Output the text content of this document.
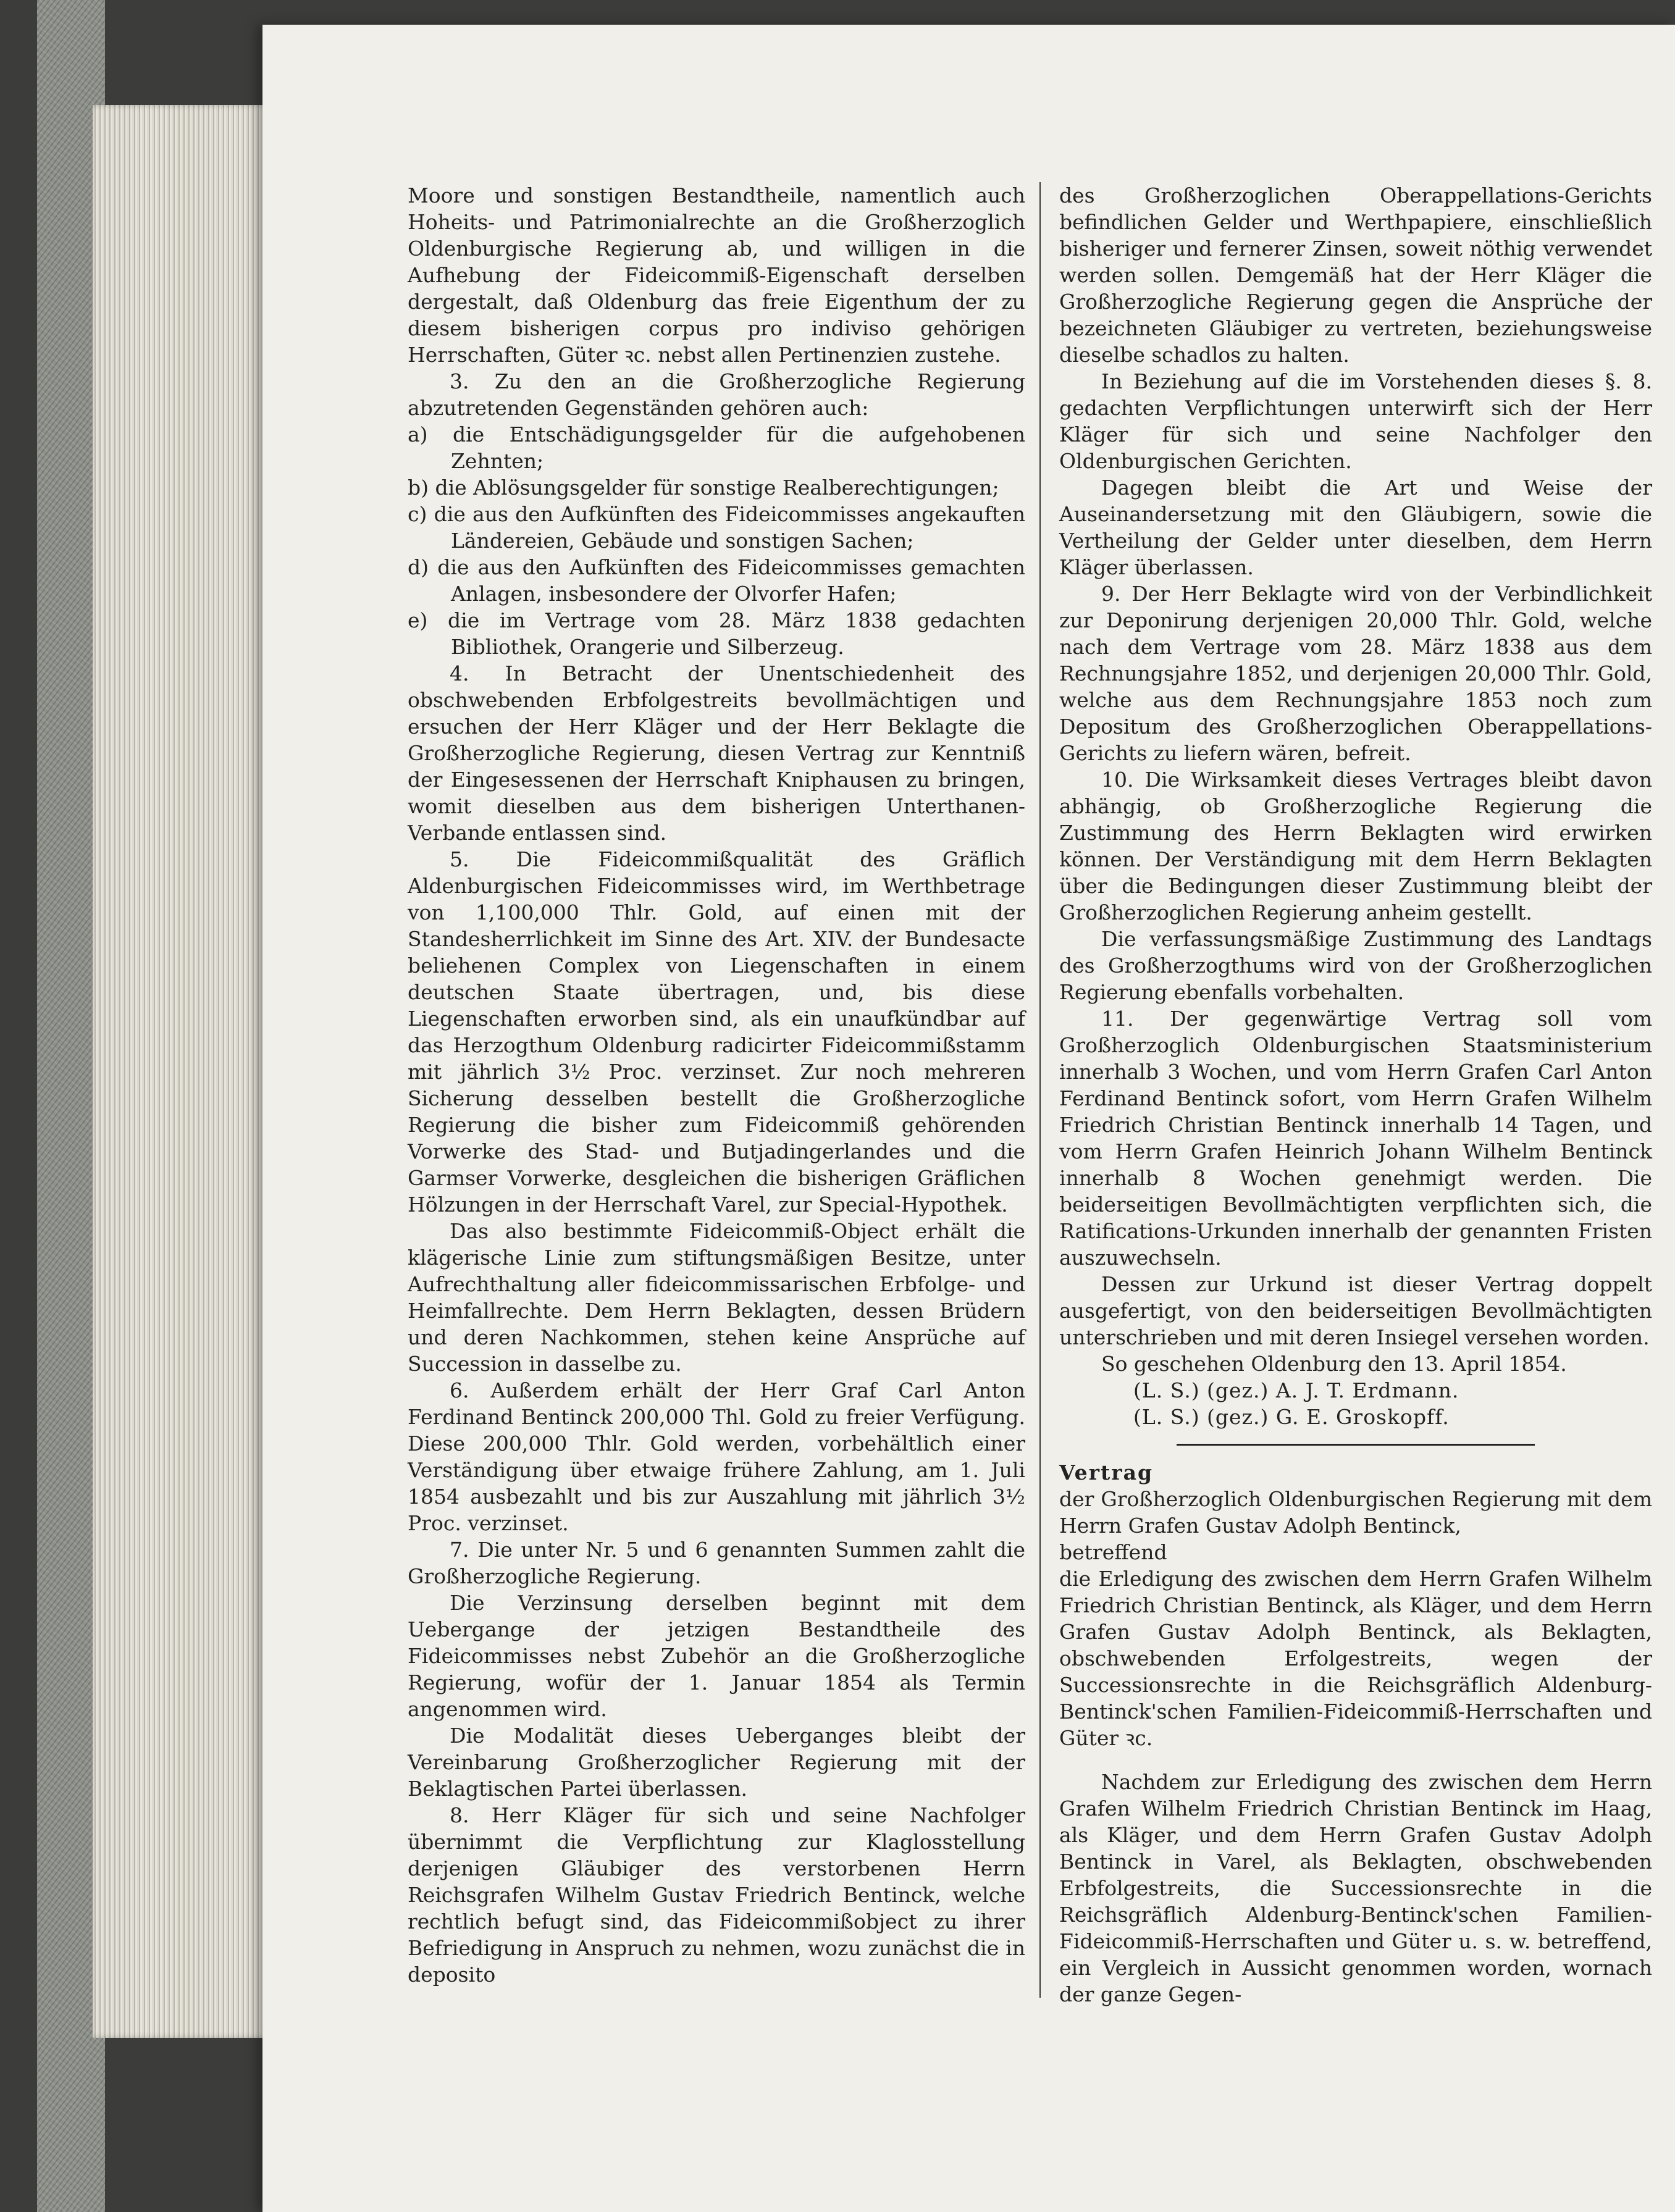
Moore und sonstigen Bestandtheile, namentlich auch Hoheits- und Patrimonialrechte an die Großherzoglich Oldenburgische Regierung ab, und willigen in die Aufhebung der Fideicommiß-Eigenschaft derselben dergestalt, daß Oldenburg das freie Eigenthum der zu diesem bisherigen corpus pro indiviso gehörigen Herrschaften, Güter ꝛc. nebst allen Pertinenzien zustehe.

3. Zu den an die Großherzogliche Regierung abzutretenden Gegenständen gehören auch:

a) die Entschädigungsgelder für die aufgehobenen Zehnten;

b) die Ablösungsgelder für sonstige Realberechtigungen;

c) die aus den Aufkünften des Fideicommisses angekauften Ländereien, Gebäude und sonstigen Sachen;

d) die aus den Aufkünften des Fideicommisses gemachten Anlagen, insbesondere der Olvorfer Hafen;

e) die im Vertrage vom 28. März 1838 gedachten Bibliothek, Orangerie und Silberzeug.

4. In Betracht der Unentschiedenheit des obschwebenden Erbfolgestreits bevollmächtigen und ersuchen der Herr Kläger und der Herr Beklagte die Großherzogliche Regierung, diesen Vertrag zur Kenntniß der Eingesessenen der Herrschaft Kniphausen zu bringen, womit dieselben aus dem bisherigen Unterthanen-Verbande entlassen sind.

5. Die Fideicommißqualität des Gräflich Aldenburgischen Fideicommisses wird, im Werthbetrage von 1,100,000 Thlr. Gold, auf einen mit der Standesherrlichkeit im Sinne des Art. XIV. der Bundesacte beliehenen Complex von Liegenschaften in einem deutschen Staate übertragen, und, bis diese Liegenschaften erworben sind, als ein unaufkündbar auf das Herzogthum Oldenburg radicirter Fideicommißstamm mit jährlich 3½ Proc. verzinset. Zur noch mehreren Sicherung desselben bestellt die Großherzogliche Regierung die bisher zum Fideicommiß gehörenden Vorwerke des Stad- und Butjadingerlandes und die Garmser Vorwerke, desgleichen die bisherigen Gräflichen Hölzungen in der Herrschaft Varel, zur Special-Hypothek.

Das also bestimmte Fideicommiß-Object erhält die klägerische Linie zum stiftungsmäßigen Besitze, unter Aufrechthaltung aller fideicommissarischen Erbfolge- und Heimfallrechte. Dem Herrn Beklagten, dessen Brüdern und deren Nachkommen, stehen keine Ansprüche auf Succession in dasselbe zu.

6. Außerdem erhält der Herr Graf Carl Anton Ferdinand Bentinck 200,000 Thl. Gold zu freier Verfügung. Diese 200,000 Thlr. Gold werden, vorbehältlich einer Verständigung über etwaige frühere Zahlung, am 1. Juli 1854 ausbezahlt und bis zur Auszahlung mit jährlich 3½ Proc. verzinset.

7. Die unter Nr. 5 und 6 genannten Summen zahlt die Großherzogliche Regierung.

Die Verzinsung derselben beginnt mit dem Uebergange der jetzigen Bestandtheile des Fideicommisses nebst Zubehör an die Großherzogliche Regierung, wofür der 1. Januar 1854 als Termin angenommen wird.

Die Modalität dieses Ueberganges bleibt der Vereinbarung Großherzoglicher Regierung mit der Beklagtischen Partei überlassen.

8. Herr Kläger für sich und seine Nachfolger übernimmt die Verpflichtung zur Klaglosstellung derjenigen Gläubiger des verstorbenen Herrn Reichsgrafen Wilhelm Gustav Friedrich Bentinck, welche rechtlich befugt sind, das Fideicommißobject zu ihrer Befriedigung in Anspruch zu nehmen, wozu zunächst die in deposito

des Großherzoglichen Oberappellations-Gerichts befindlichen Gelder und Werthpapiere, einschließlich bisheriger und fernerer Zinsen, soweit nöthig verwendet werden sollen. Demgemäß hat der Herr Kläger die Großherzogliche Regierung gegen die Ansprüche der bezeichneten Gläubiger zu vertreten, beziehungsweise dieselbe schadlos zu halten.

In Beziehung auf die im Vorstehenden dieses §. 8. gedachten Verpflichtungen unterwirft sich der Herr Kläger für sich und seine Nachfolger den Oldenburgischen Gerichten.

Dagegen bleibt die Art und Weise der Auseinandersetzung mit den Gläubigern, sowie die Vertheilung der Gelder unter dieselben, dem Herrn Kläger überlassen.

9. Der Herr Beklagte wird von der Verbindlichkeit zur Deponirung derjenigen 20,000 Thlr. Gold, welche nach dem Vertrage vom 28. März 1838 aus dem Rechnungsjahre 1852, und derjenigen 20,000 Thlr. Gold, welche aus dem Rechnungsjahre 1853 noch zum Depositum des Großherzoglichen Oberappellations-Gerichts zu liefern wären, befreit.

10. Die Wirksamkeit dieses Vertrages bleibt davon abhängig, ob Großherzogliche Regierung die Zustimmung des Herrn Beklagten wird erwirken können. Der Verständigung mit dem Herrn Beklagten über die Bedingungen dieser Zustimmung bleibt der Großherzoglichen Regierung anheim gestellt.

Die verfassungsmäßige Zustimmung des Landtags des Großherzogthums wird von der Großherzoglichen Regierung ebenfalls vorbehalten.

11. Der gegenwärtige Vertrag soll vom Großherzoglich Oldenburgischen Staatsministerium innerhalb 3 Wochen, und vom Herrn Grafen Carl Anton Ferdinand Bentinck sofort, vom Herrn Grafen Wilhelm Friedrich Christian Bentinck innerhalb 14 Tagen, und vom Herrn Grafen Heinrich Johann Wilhelm Bentinck innerhalb 8 Wochen genehmigt werden. Die beiderseitigen Bevollmächtigten verpflichten sich, die Ratifications-Urkunden innerhalb der genannten Fristen auszuwechseln.

Dessen zur Urkund ist dieser Vertrag doppelt ausgefertigt, von den beiderseitigen Bevollmächtigten unterschrieben und mit deren Insiegel versehen worden.

So geschehen Oldenburg den 13. April 1854.

(L. S.) (gez.) A. J. T. Erdmann.

(L. S.) (gez.) G. E. Groskopff.

Vertrag

der Großherzoglich Oldenburgischen Regierung mit dem Herrn Grafen Gustav Adolph Bentinck,

betreffend

die Erledigung des zwischen dem Herrn Grafen Wilhelm Friedrich Christian Bentinck, als Kläger, und dem Herrn Grafen Gustav Adolph Bentinck, als Beklagten, obschwebenden Erfolgestreits, wegen der Successionsrechte in die Reichsgräflich Aldenburg-Bentinck'schen Familien-Fideicommiß-Herrschaften und Güter ꝛc.

Nachdem zur Erledigung des zwischen dem Herrn Grafen Wilhelm Friedrich Christian Bentinck im Haag, als Kläger, und dem Herrn Grafen Gustav Adolph Bentinck in Varel, als Beklagten, obschwebenden Erbfolgestreits, die Successionsrechte in die Reichsgräflich Aldenburg-Bentinck'schen Familien-Fideicommiß-Herrschaften und Güter u. s. w. betreffend, ein Vergleich in Aussicht genommen worden, wornach der ganze Gegen-
